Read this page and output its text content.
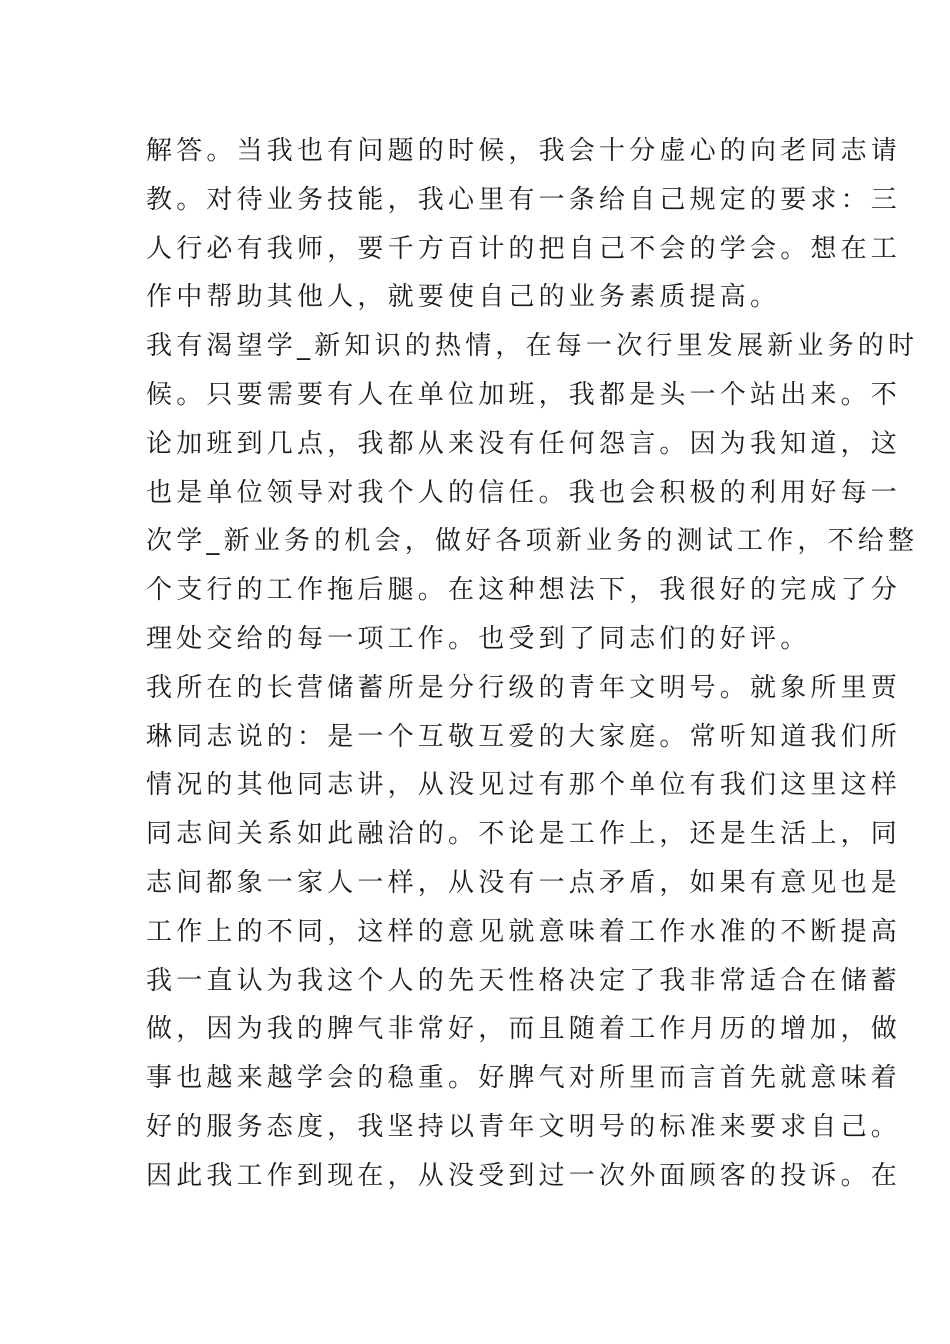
解答。当我也有问题的时候，我会十分虚心的向老同志请
教。对待业务技能，我心里有一条给自己规定的要求：三
人行必有我师，要千方百计的把自己不会的学会。想在工
作中帮助其他人，就要使自己的业务素质提高。
我有渴望学_新知识的热情，在每一次行里发展新业务的时
候。只要需要有人在单位加班，我都是头一个站出来。不
论加班到几点，我都从来没有任何怨言。因为我知道，这
也是单位领导对我个人的信任。我也会积极的利用好每一
次学_新业务的机会，做好各项新业务的测试工作，不给整
个支行的工作拖后腿。在这种想法下，我很好的完成了分
理处交给的每一项工作。也受到了同志们的好评。
我所在的长营储蓄所是分行级的青年文明号。就象所里贾
琳同志说的：是一个互敬互爱的大家庭。常听知道我们所
情况的其他同志讲，从没见过有那个单位有我们这里这样
同志间关系如此融洽的。不论是工作上，还是生活上，同
志间都象一家人一样，从没有一点矛盾，如果有意见也是
工作上的不同，这样的意见就意味着工作水准的不断提高
我一直认为我这个人的先天性格决定了我非常适合在储蓄
做，因为我的脾气非常好，而且随着工作月历的增加，做
事也越来越学会的稳重。好脾气对所里而言首先就意味着
好的服务态度，我坚持以青年文明号的标准来要求自己。
因此我工作到现在，从没受到过一次外面顾客的投诉。在
